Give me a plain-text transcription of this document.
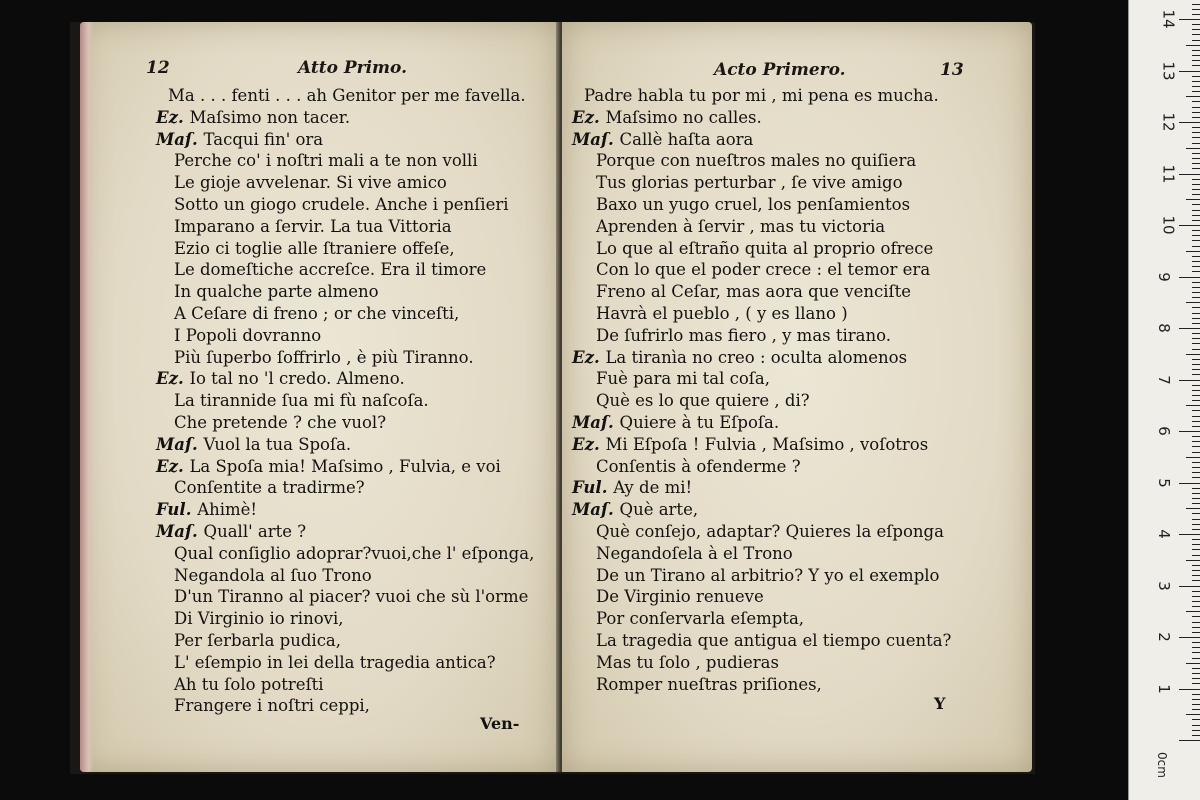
12	Atto Primo.
Ma . . . fenti . . . ah Genitor per me favella.
Ez. Maſsimo non tacer.
Maſ. Tacqui fin' ora
Perche co' i noſtri mali a te non volli
Le gioje avvelenar. Si vive amico
Sotto un giogo crudele. Anche i penſieri
Imparano a ſervir. La tua Vittoria
Ezio ci toglie alle ſtraniere offeſe,
Le domeſtiche accreſce. Era il timore
In qualche parte almeno
A Ceſare di freno ; or che vinceſti,
I Popoli dovranno
Più ſuperbo ſoffrirlo , è più Tiranno.
Ez. Io tal no 'l credo. Almeno.
La tirannide ſua mi fù naſcoſa.
Che pretende ? che vuol?
Maſ. Vuol la tua Spoſa.
Ez. La Spoſa mia! Maſsimo , Fulvia, e voi
Conſentite a tradirme?
Ful. Ahimè!
Maſ. Quall' arte ?
Qual conſiglio adoprar?vuoi,che l' eſponga,
Negandola al ſuo Trono
D'un Tiranno al piacer? vuoi che sù l'orme
Di Virginio io rinovi,
Per ſerbarla pudica,
L' eſempio in lei della tragedia antica?
Ah tu ſolo potreſti
Frangere i noſtri ceppi,
Ven-
Acto Primero.	13
Padre habla tu por mi , mi pena es mucha.
Ez. Maſsimo no calles.
Maſ. Callè haſta aora
Porque con nueſtros males no quiſiera
Tus glorias perturbar , ſe vive amigo
Baxo un yugo cruel, los penſamientos
Aprenden à ſervir , mas tu victoria
Lo que al eſtraño quita al proprio ofrece
Con lo que el poder crece : el temor era
Freno al Ceſar, mas aora que venciſte
Havrà el pueblo , ( y es llano )
De ſufrirlo mas fiero , y mas tirano.
Ez. La tiranìa no creo : oculta alomenos
Fuè para mi tal coſa,
Què es lo que quiere , di?
Maſ. Quiere à tu Eſpoſa.
Ez. Mi Eſpoſa ! Fulvia , Maſsimo , voſotros
Conſentis à ofenderme ?
Ful. Ay de mi!
Maſ. Què arte,
Què conſejo, adaptar? Quieres la eſponga
Negandoſela à el Trono
De un Tirano al arbitrio? Y yo el exemplo
De Virginio renueve
Por conſervarla eſempta,
La tragedia que antigua el tiempo cuenta?
Mas tu ſolo , pudieras
Romper nueſtras priſiones,
Y
0cm
1
2
3
4
5
6
7
8
9
10
11
12
13
14
